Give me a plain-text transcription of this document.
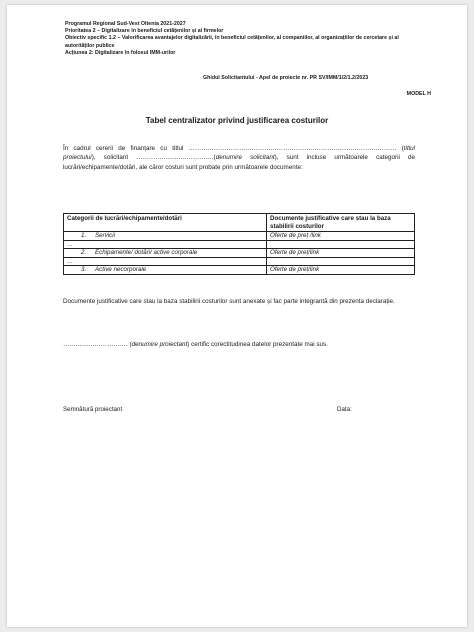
Programul Regional Sud-Vest Oltenia 2021-2027
Prioritatea 2 – Digitalizare în beneficiul cetățenilor și al firmelor
Obiectiv specific 1.2 – Valorificarea avantajelor digitalizării, în beneficiul cetățenilor, al companiilor, al organizațiilor de cercetare și al autorităților publice
Acțiunea 2: Digitalizare în folosul IMM-urilor
Ghidul Solicitantului - Apel de proiecte nr. PR SV/IMM/1/2/1.2/2023
MODEL H
Tabel centralizator privind justificarea costurilor

În cadrul cererii de finanțare cu titlul ……………………………………………………………………………………… (titlul proiectului), solicitant ……………………………….(denumire solicitant), sunt incluse următoarele categorii de lucrări/echipamente/dotări, ale căror costuri sunt probate prin următoarele documente:

Categorii de lucrări/echipamente/dotări	Documente justificative care stau la baza stabilirii costurilor
1. Servicii	Oferte de preț /link
…	
2. Echipamente/ dotări/ active corporale	Oferte de preț/link
…	
3. Active necorporale	Oferte de preț/link

Documente justificative care stau la baza stabilirii costurilor sunt anexate și fac parte integrantă din prezenta declarație.

…………………………. (denumire proiectant) certific corectitudinea datelor prezentate mai sus.

Semnătură proiectant	Data:
